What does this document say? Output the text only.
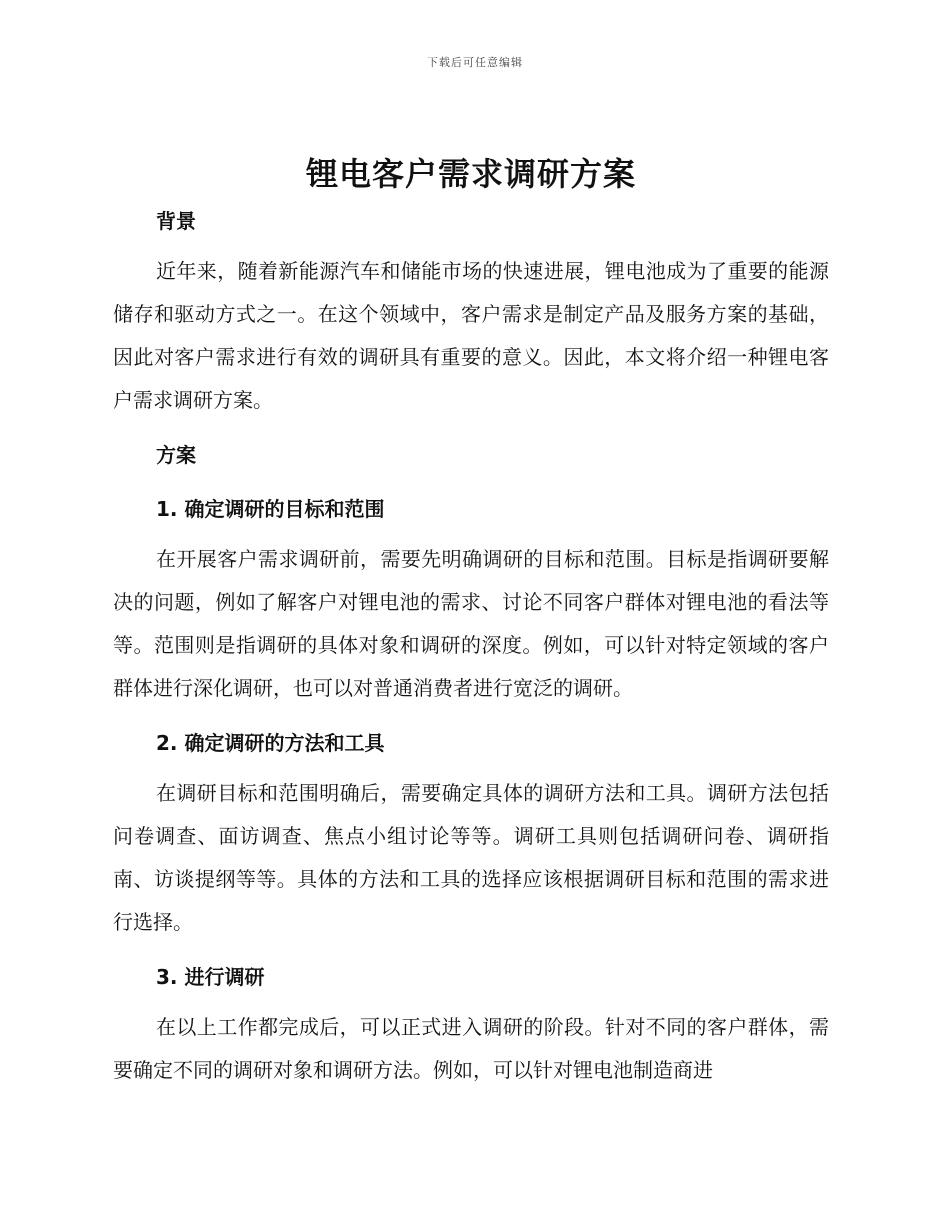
下载后可任意编辑
锂电客户需求调研方案
背景

近年来，随着新能源汽车和储能市场的快速进展，锂电池成为了重要的能源储存和驱动方式之一。在这个领域中，客户需求是制定产品及服务方案的基础，因此对客户需求进行有效的调研具有重要的意义。因此，本文将介绍一种锂电客户需求调研方案。

方案
1. 确定调研的目标和范围

在开展客户需求调研前，需要先明确调研的目标和范围。目标是指调研要解决的问题，例如了解客户对锂电池的需求、讨论不同客户群体对锂电池的看法等等。范围则是指调研的具体对象和调研的深度。例如，可以针对特定领域的客户群体进行深化调研，也可以对普通消费者进行宽泛的调研。

2. 确定调研的方法和工具

在调研目标和范围明确后，需要确定具体的调研方法和工具。调研方法包括问卷调查、面访调查、焦点小组讨论等等。调研工具则包括调研问卷、调研指南、访谈提纲等等。具体的方法和工具的选择应该根据调研目标和范围的需求进行选择。

3. 进行调研

在以上工作都完成后，可以正式进入调研的阶段。针对不同的客户群体，需要确定不同的调研对象和调研方法。例如，可以针对锂电池制造商进
